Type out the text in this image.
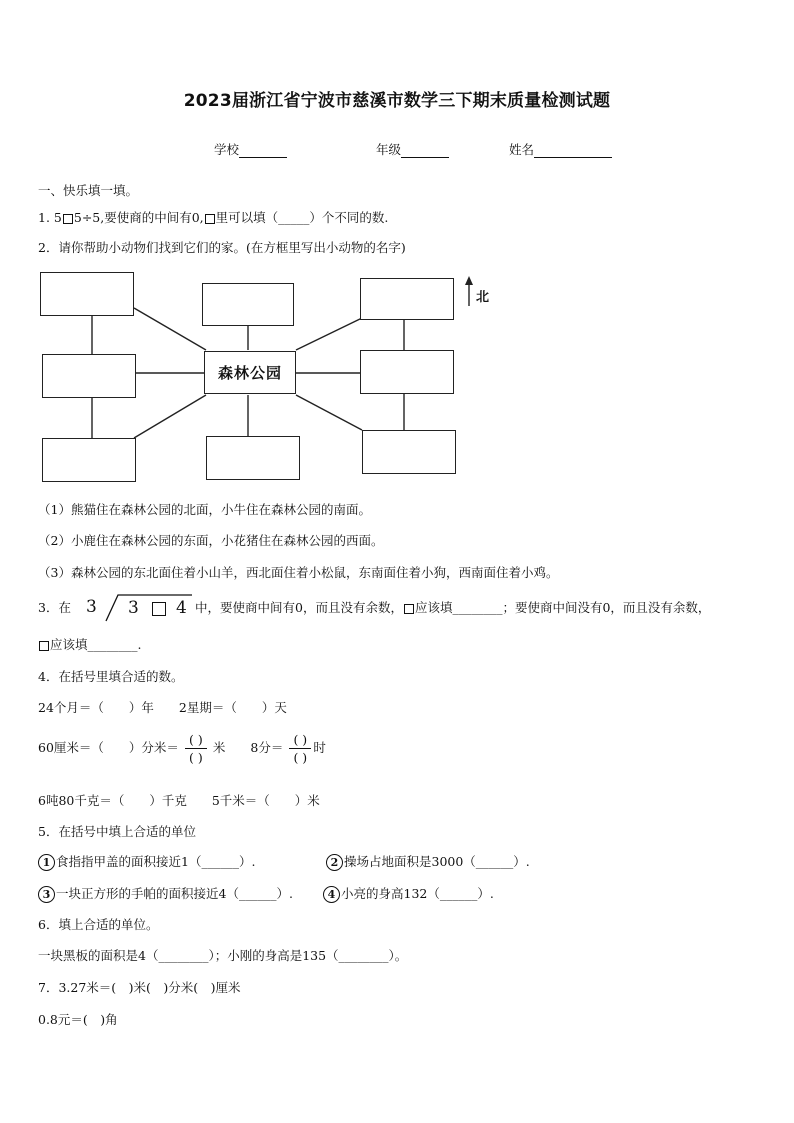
2023届浙江省宁波市慈溪市数学三下期末质量检测试题
学校	年级	姓名
一、快乐填一填。
1. 5 5÷5,要使商的中间有0, 里可以填（_____）个不同的数.
2．请你帮助小动物们找到它们的家。(在方框里写出小动物的名字)
森林公园
北
（1）熊猫住在森林公园的北面，小牛住在森林公园的南面。
（2）小鹿住在森林公园的东面，小花猪住在森林公园的西面。
（3）森林公园的东北面住着小山羊，西北面住着小松鼠，东南面住着小狗，西南面住着小鸡。
3．在 3 3 4 中，要使商中间有0，而且没有余数， 应该填________；要使商中间没有0，而且没有余数，
应该填________.
4．在括号里填合适的数。
24个月＝（　　）年　　2星期＝（　　）天
60厘米＝（　　）分米＝ $\frac{( )}{( )}$ 米　　8分＝ $\frac{( )}{( )}$ 时
6吨80千克＝（　　）千克　　5千米＝（　　）米
5．在括号中填上合适的单位
1 食指指甲盖的面积接近1（______）.	2 操场占地面积是3000（______）.
3 一块正方形的手帕的面积接近4（______）.	4 小亮的身高132（______）.
6．填上合适的单位。
一块黑板的面积是4（________）；小刚的身高是135（________）。
7．3.27米＝(　)米(　)分米(　)厘米
0.8元＝(　)角
